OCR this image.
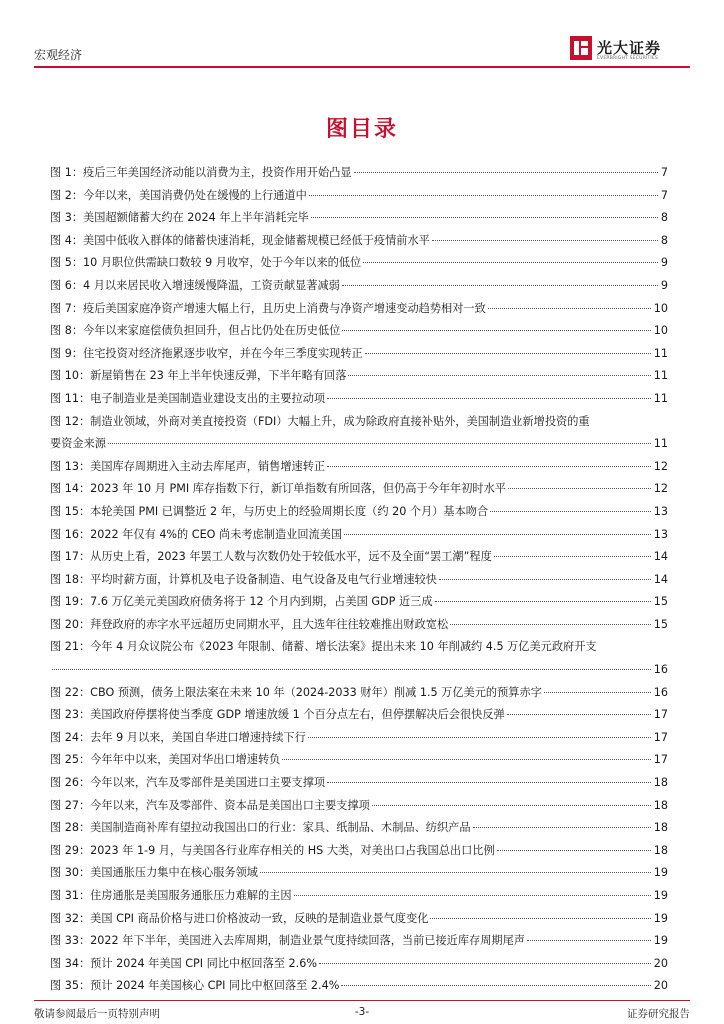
宏观经济	光大证券
EVERBRIGHT SECURITIES
图目录
图 1：疫后三年美国经济动能以消费为主，投资作用开始凸显	7
图 2：今年以来，美国消费仍处在缓慢的上行通道中	7
图 3：美国超额储蓄大约在 2024 年上半年消耗完毕	8
图 4：美国中低收入群体的储蓄快速消耗，现金储蓄规模已经低于疫情前水平	8
图 5：10 月职位供需缺口数较 9 月收窄，处于今年以来的低位	9
图 6：4 月以来居民收入增速缓慢降温，工资贡献显著减弱	9
图 7：疫后美国家庭净资产增速大幅上行，且历史上消费与净资产增速变动趋势相对一致	10
图 8：今年以来家庭偿债负担回升，但占比仍处在历史低位	10
图 9：住宅投资对经济拖累逐步收窄，并在今年三季度实现转正	11
图 10：新屋销售在 23 年上半年快速反弹，下半年略有回落	11
图 11：电子制造业是美国制造业建设支出的主要拉动项	11
图 12：制造业领域，外商对美直接投资（FDI）大幅上升，成为除政府直接补贴外，美国制造业新增投资的重
要资金来源	11
图 13：美国库存周期进入主动去库尾声，销售增速转正	12
图 14：2023 年 10 月 PMI 库存指数下行，新订单指数有所回落，但仍高于今年年初时水平	12
图 15：本轮美国 PMI 已调整近 2 年，与历史上的经验周期长度（约 20 个月）基本吻合	13
图 16：2022 年仅有 4%的 CEO 尚未考虑制造业回流美国	13
图 17：从历史上看，2023 年罢工人数与次数仍处于较低水平，远不及全面“罢工潮”程度	14
图 18：平均时薪方面，计算机及电子设备制造、电气设备及电气行业增速较快	14
图 19：7.6 万亿美元美国政府债务将于 12 个月内到期，占美国 GDP 近三成	15
图 20：拜登政府的赤字水平远超历史同期水平，且大选年往往较难推出财政宽松	15
图 21：今年 4 月众议院公布《2023 年限制、储蓄、增长法案》提出未来 10 年削减约 4.5 万亿美元政府开支
16
图 22：CBO 预测，债务上限法案在未来 10 年（2024-2033 财年）削减 1.5 万亿美元的预算赤字	16
图 23：美国政府停摆将使当季度 GDP 增速放缓 1 个百分点左右，但停摆解决后会很快反弹	17
图 24：去年 9 月以来，美国自华进口增速持续下行	17
图 25：今年年中以来，美国对华出口增速转负	17
图 26：今年以来，汽车及零部件是美国进口主要支撑项	18
图 27：今年以来，汽车及零部件、资本品是美国出口主要支撑项	18
图 28：美国制造商补库有望拉动我国出口的行业：家具、纸制品、木制品、纺织产品	18
图 29：2023 年 1-9 月，与美国各行业库存相关的 HS 大类，对美出口占我国总出口比例	18
图 30：美国通胀压力集中在核心服务领域	19
图 31：住房通胀是美国服务通胀压力难解的主因	19
图 32：美国 CPI 商品价格与进口价格波动一致，反映的是制造业景气度变化	19
图 33：2022 年下半年，美国进入去库周期，制造业景气度持续回落，当前已接近库存周期尾声	19
图 34：预计 2024 年美国 CPI 同比中枢回落至 2.6%	20
图 35：预计 2024 年美国核心 CPI 同比中枢回落至 2.4%	20
敬请参阅最后一页特别声明	-3-	证券研究报告
